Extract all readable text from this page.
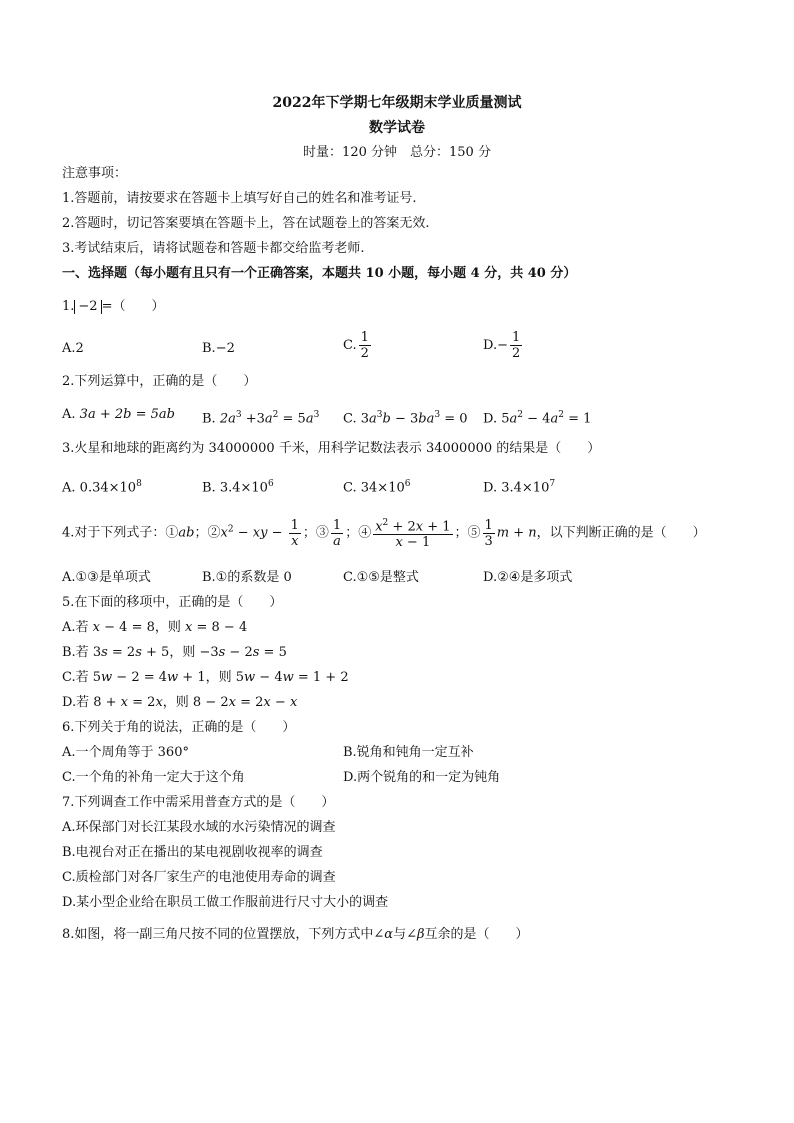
2022年下学期七年级期末学业质量测试
数学试卷
时量：120 分钟　总分：150 分
注意事项：
1.答题前，请按要求在答题卡上填写好自己的姓名和准考证号.
2.答题时，切记答案要填在答题卡上，答在试题卷上的答案无效.
3.考试结束后，请将试题卷和答题卡都交给监考老师.
一、选择题（每小题有且只有一个正确答案，本题共 10 小题，每小题 4 分，共 40 分）
1. −2 =（　　）
A.2	B.−2	C. $\frac{1}{2}$	$D.- \frac{1}{2}$
2.下列运算中，正确的是（　　）
A. 3a + 2b = 5ab B. $2a^3 +3a^2 = 5a^3$ C. $3a^3b - 3ba^3 = 0$ D. $5a^2 - 4a^2 = 1$
3.火星和地球的距离约为 34000000 千米，用科学记数法表示 34000000 的结果是（　　）
A. $0.34\times 10^8$	B. $3.4\times 10^6$	C. $34\times 10^6$	D. $3.4\times 10^7$
4.对于下列式子：①ab；$②x^2$ − xy − $\frac{1}{x}$ ；③ $\frac{1}{a}$ ；④ $\frac{x^2 + 2x + 1}{x - 1}$ ；⑤ $\frac{1}{3}$ m + n，以下判断正确的是（　　）
A.①③是单项式	B.①的系数是 0	C.①⑤是整式	D.②④是多项式
5.在下面的移项中，正确的是（　　）
A.若 x − 4 = 8，则 x = 8 − 4
B.若 3s = 2s + 5，则 −3s − 2s = 5
C.若 5w − 2 = 4w + 1，则 5w − 4w = 1 + 2
D.若 8 + x = 2x，则 8 − 2x = 2x − x
6.下列关于角的说法，正确的是（　　）
A.一个周角等于 360°	B.锐角和钝角一定互补
C.一个角的补角一定大于这个角	D.两个锐角的和一定为钝角
7.下列调查工作中需采用普查方式的是（　　）
A.环保部门对长江某段水域的水污染情况的调查
B.电视台对正在播出的某电视剧收视率的调查
C.质检部门对各厂家生产的电池使用寿命的调查
D.某小型企业给在职员工做工作服前进行尺寸大小的调查
8.如图，将一副三角尺按不同的位置摆放，下列方式中∠α与∠β互余的是（　　）
